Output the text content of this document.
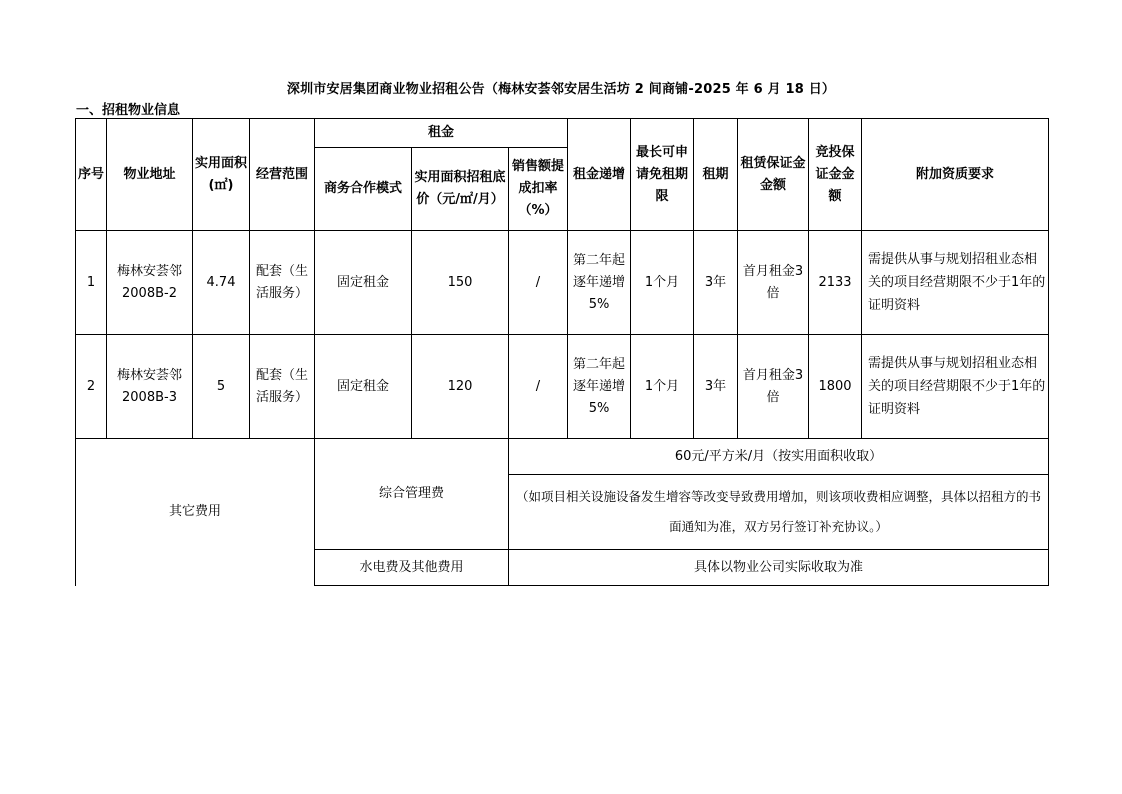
深圳市安居集团商业物业招租公告（梅林安荟邻安居生活坊 2 间商铺-2025 年 6 月 18 日）
一、招租物业信息
序号	物业地址	实用面积(㎡)	经营范围	租金			租金递增	最长可申请免租期限	租期	租赁保证金金额	竞投保证金金额	附加资质要求
				商务合作模式	实用面积招租底价（元/㎡/月）	销售额提成扣率（%）						
1	梅林安荟邻2008B-2	4.74	配套（生活服务）	固定租金	150	/	第二年起逐年递增5%	1个月	3年	首月租金3倍	2133	需提供从事与规划招租业态相关的项目经营期限不少于1年的证明资料
2	梅林安荟邻2008B-3	5	配套（生活服务）	固定租金	120	/	第二年起逐年递增5%	1个月	3年	首月租金3倍	1800	需提供从事与规划招租业态相关的项目经营期限不少于1年的证明资料
其它费用				综合管理费		60元/平方米/月（按实用面积收取）						
						（如项目相关设施设备发生增容等改变导致费用增加，则该项收费相应调整，具体以招租方的书面通知为准，双方另行签订补充协议。）						
				水电费及其他费用		具体以物业公司实际收取为准						
